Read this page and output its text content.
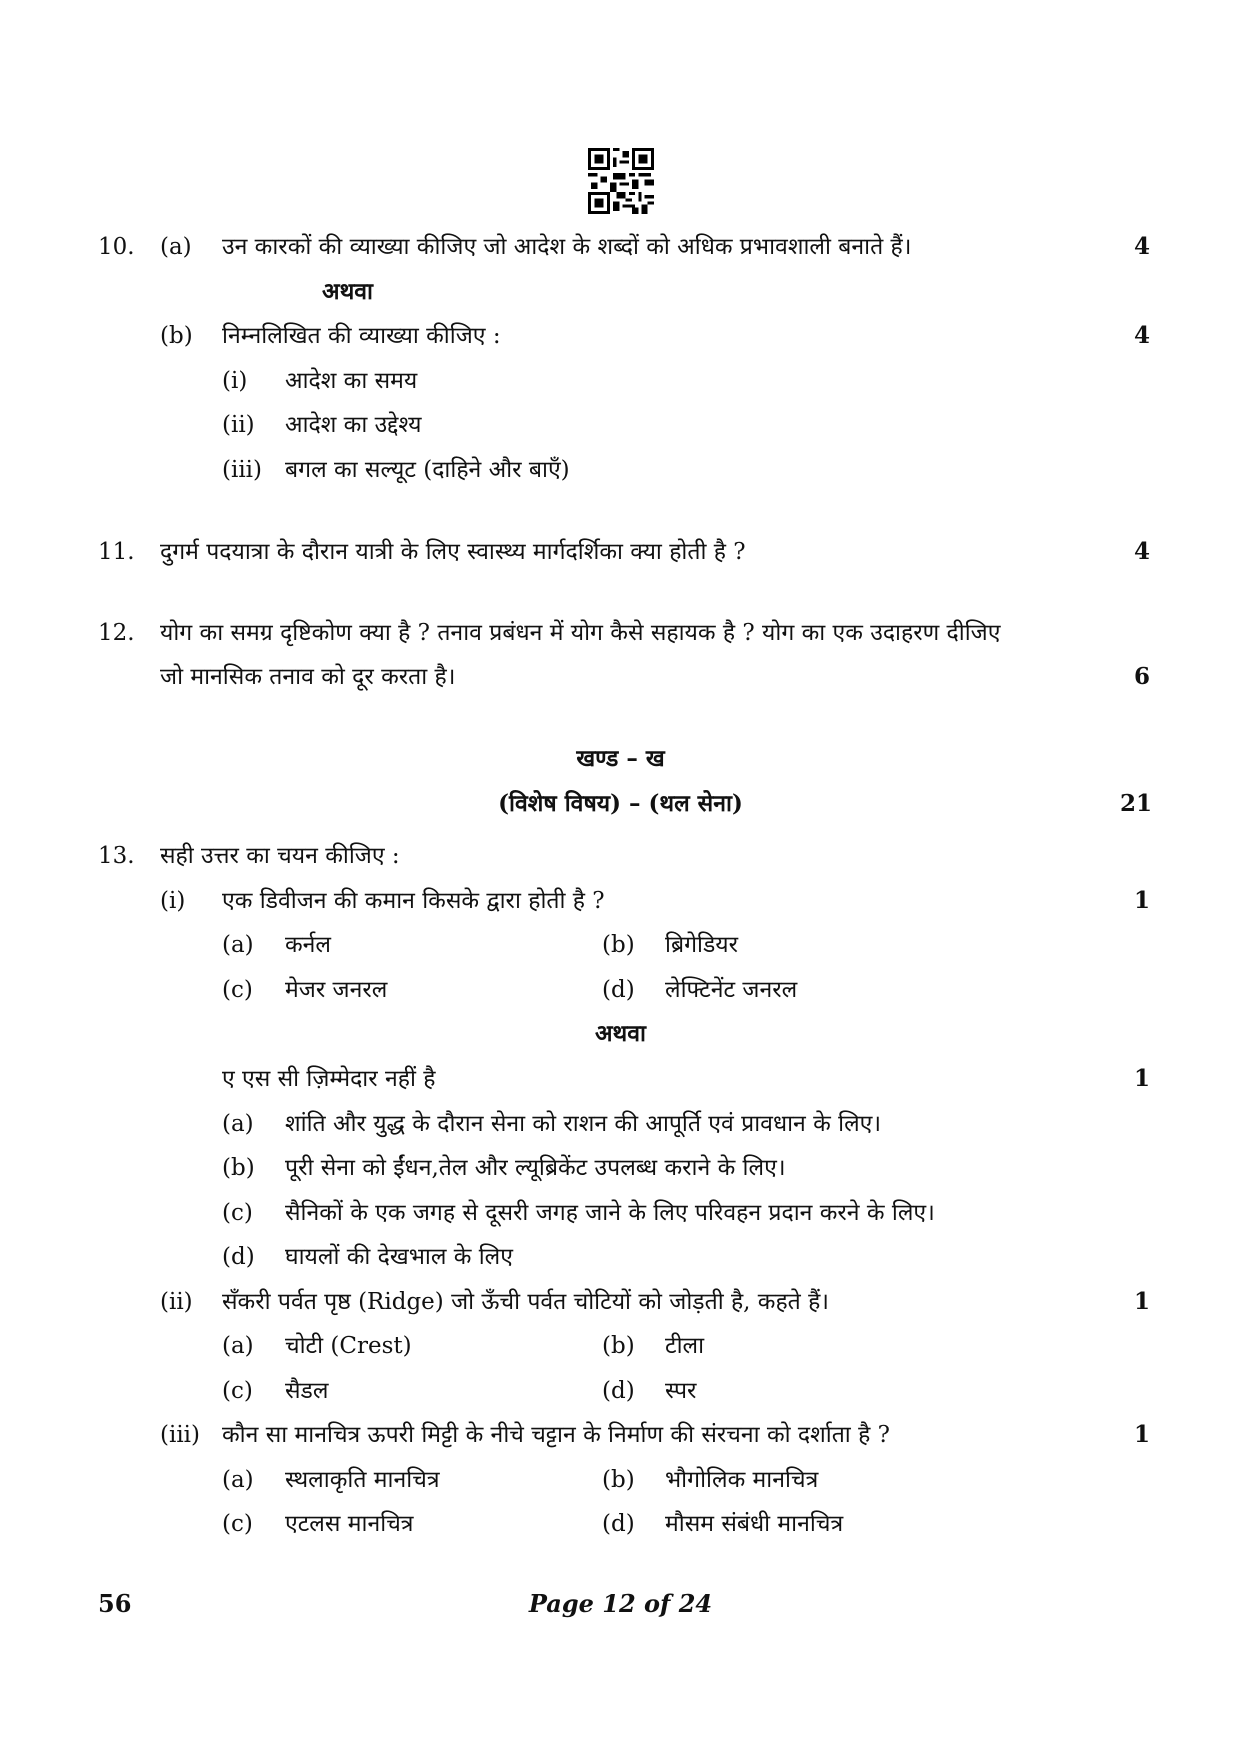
10. (a) उन कारकों की व्याख्या कीजिए जो आदेश के शब्दों को अधिक प्रभावशाली बनाते हैं।	4
अथवा
(b) निम्नलिखित की व्याख्या कीजिए :	4
(i) आदेश का समय
(ii) आदेश का उद्देश्य
(iii) बगल का सल्यूट (दाहिने और बाएँ)
11. दुगर्म पदयात्रा के दौरान यात्री के लिए स्वास्थ्य मार्गदर्शिका क्या होती है ?	4
12. योग का समग्र दृष्टिकोण क्या है ? तनाव प्रबंधन में योग कैसे सहायक है ? योग का एक उदाहरण दीजिए
जो मानसिक तनाव को दूर करता है।	6
खण्ड – ख
(विशेष विषय) – (थल सेना)	21
13. सही उत्तर का चयन कीजिए :
(i) एक डिवीजन की कमान किसके द्वारा होती है ?	1
(a) कर्नल	(b) ब्रिगेडियर
(c) मेजर जनरल	(d) लेफ्टिनेंट जनरल
अथवा
ए एस सी ज़िम्मेदार नहीं है	1
(a) शांति और युद्ध के दौरान सेना को राशन की आपूर्ति एवं प्रावधान के लिए।
(b) पूरी सेना को ईंधन,तेल और ल्यूब्रिकेंट उपलब्ध कराने के लिए।
(c) सैनिकों के एक जगह से दूसरी जगह जाने के लिए परिवहन प्रदान करने के लिए।
(d) घायलों की देखभाल के लिए
(ii) सँकरी पर्वत पृष्ठ (Ridge) जो ऊँची पर्वत चोटियों को जोड़ती है, कहते हैं।	1
(a) चोटी (Crest)	(b) टीला
(c) सैडल	(d) स्पर
(iii) कौन सा मानचित्र ऊपरी मिट्टी के नीचे चट्टान के निर्माण की संरचना को दर्शाता है ?	1
(a) स्थलाकृति मानचित्र	(b) भौगोलिक मानचित्र
(c) एटलस मानचित्र	(d) मौसम संबंधी मानचित्र
Page 12 of 24
56
